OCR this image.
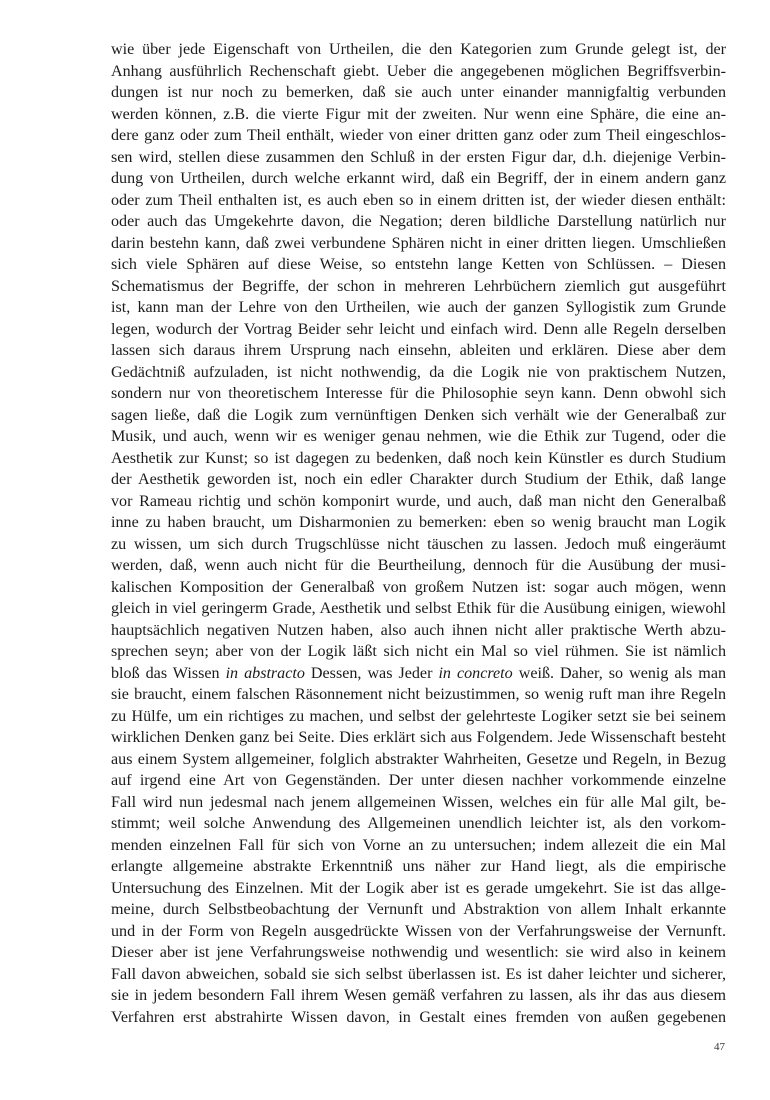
wie über jede Eigenschaft von Urtheilen, die den Kategorien zum Grunde gelegt ist, der
Anhang ausführlich Rechenschaft giebt. Ueber die angegebenen möglichen Begriffsverbin-
dungen ist nur noch zu bemerken, daß sie auch unter einander mannigfaltig verbunden
werden können, z.B. die vierte Figur mit der zweiten. Nur wenn eine Sphäre, die eine an-
dere ganz oder zum Theil enthält, wieder von einer dritten ganz oder zum Theil eingeschlos-
sen wird, stellen diese zusammen den Schluß in der ersten Figur dar, d.h. diejenige Verbin-
dung von Urtheilen, durch welche erkannt wird, daß ein Begriff, der in einem andern ganz
oder zum Theil enthalten ist, es auch eben so in einem dritten ist, der wieder diesen enthält:
oder auch das Umgekehrte davon, die Negation; deren bildliche Darstellung natürlich nur
darin bestehn kann, daß zwei verbundene Sphären nicht in einer dritten liegen. Umschließen
sich viele Sphären auf diese Weise, so entstehn lange Ketten von Schlüssen. – Diesen
Schematismus der Begriffe, der schon in mehreren Lehrbüchern ziemlich gut ausgeführt
ist, kann man der Lehre von den Urtheilen, wie auch der ganzen Syllogistik zum Grunde
legen, wodurch der Vortrag Beider sehr leicht und einfach wird. Denn alle Regeln derselben
lassen sich daraus ihrem Ursprung nach einsehn, ableiten und erklären. Diese aber dem
Gedächtniß aufzuladen, ist nicht nothwendig, da die Logik nie von praktischem Nutzen,
sondern nur von theoretischem Interesse für die Philosophie seyn kann. Denn obwohl sich
sagen ließe, daß die Logik zum vernünftigen Denken sich verhält wie der Generalbaß zur
Musik, und auch, wenn wir es weniger genau nehmen, wie die Ethik zur Tugend, oder die
Aesthetik zur Kunst; so ist dagegen zu bedenken, daß noch kein Künstler es durch Studium
der Aesthetik geworden ist, noch ein edler Charakter durch Studium der Ethik, daß lange
vor Rameau richtig und schön komponirt wurde, und auch, daß man nicht den Generalbaß
inne zu haben braucht, um Disharmonien zu bemerken: eben so wenig braucht man Logik
zu wissen, um sich durch Trugschlüsse nicht täuschen zu lassen. Jedoch muß eingeräumt
werden, daß, wenn auch nicht für die Beurtheilung, dennoch für die Ausübung der musi-
kalischen Komposition der Generalbaß von großem Nutzen ist: sogar auch mögen, wenn
gleich in viel geringerm Grade, Aesthetik und selbst Ethik für die Ausübung einigen, wiewohl
hauptsächlich negativen Nutzen haben, also auch ihnen nicht aller praktische Werth abzu-
sprechen seyn; aber von der Logik läßt sich nicht ein Mal so viel rühmen. Sie ist nämlich
bloß das Wissen in abstracto Dessen, was Jeder in concreto weiß. Daher, so wenig als man
sie braucht, einem falschen Räsonnement nicht beizustimmen, so wenig ruft man ihre Regeln
zu Hülfe, um ein richtiges zu machen, und selbst der gelehrteste Logiker setzt sie bei seinem
wirklichen Denken ganz bei Seite. Dies erklärt sich aus Folgendem. Jede Wissenschaft besteht
aus einem System allgemeiner, folglich abstrakter Wahrheiten, Gesetze und Regeln, in Bezug
auf irgend eine Art von Gegenständen. Der unter diesen nachher vorkommende einzelne
Fall wird nun jedesmal nach jenem allgemeinen Wissen, welches ein für alle Mal gilt, be-
stimmt; weil solche Anwendung des Allgemeinen unendlich leichter ist, als den vorkom-
menden einzelnen Fall für sich von Vorne an zu untersuchen; indem allezeit die ein Mal
erlangte allgemeine abstrakte Erkenntniß uns näher zur Hand liegt, als die empirische
Untersuchung des Einzelnen. Mit der Logik aber ist es gerade umgekehrt. Sie ist das allge-
meine, durch Selbstbeobachtung der Vernunft und Abstraktion von allem Inhalt erkannte
und in der Form von Regeln ausgedrückte Wissen von der Verfahrungsweise der Vernunft.
Dieser aber ist jene Verfahrungsweise nothwendig und wesentlich: sie wird also in keinem
Fall davon abweichen, sobald sie sich selbst überlassen ist. Es ist daher leichter und sicherer,
sie in jedem besondern Fall ihrem Wesen gemäß verfahren zu lassen, als ihr das aus diesem
Verfahren erst abstrahirte Wissen davon, in Gestalt eines fremden von außen gegebenen
47
